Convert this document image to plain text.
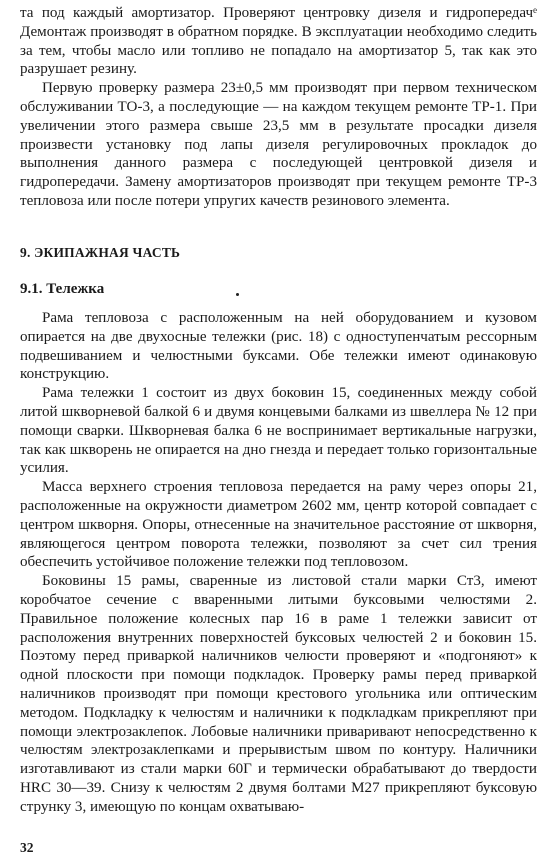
та под каждый амортизатор. Проверяют центровку дизеля и гидропередачᵉ Демонтаж производят в обратном порядке. В эксплуатации необходимо следить за тем, чтобы масло или топливо не попадало на амортизатор 5, так как это разрушает резину.

Первую проверку размера 23±0,5 мм производят при первом техническом обслуживании ТО-3, а последующие — на каждом текущем ремонте ТР-1. При увеличении этого размера свыше 23,5 мм в результате просадки дизеля произвести установку под лапы дизеля регулировочных прокладок до выполнения данного размера с последующей центровкой дизеля и гидропередачи. Замену амортизаторов производят при текущем ремонте ТР-3 тепловоза или после потери упругих качеств резинового элемента.

9. ЭКИПАЖНАЯ ЧАСТЬ
9.1. Тележка

Рама тепловоза с расположенным на ней оборудованием и кузовом опирается на две двухосные тележки (рис. 18) с одноступенчатым рессорным подвешиванием и челюстными буксами. Обе тележки имеют одинаковую конструкцию.

Рама тележки 1 состоит из двух боковин 15, соединенных между собой литой шкворневой балкой 6 и двумя концевыми балками из швеллера № 12 при помощи сварки. Шкворневая балка 6 не воспринимает вертикальные нагрузки, так как шкворень не опирается на дно гнезда и передает только горизонтальные усилия.

Масса верхнего строения тепловоза передается на раму через опоры 21, расположенные на окружности диаметром 2602 мм, центр которой совпадает с центром шкворня. Опоры, отнесенные на значительное расстояние от шкворня, являющегося центром поворота тележки, позволяют за счет сил трения обеспечить устойчивое положение тележки под тепловозом.

Боковины 15 рамы, сваренные из листовой стали марки Ст3, имеют коробчатое сечение с вваренными литыми буксовыми челюстями 2. Правильное положение колесных пар 16 в раме 1 тележки зависит от расположения внутренних поверхностей буксовых челюстей 2 и боковин 15. Поэтому перед приваркой наличников челюсти проверяют и «подгоняют» к одной плоскости при помощи подкладок. Проверку рамы перед приваркой наличников производят при помощи крестового угольника или оптическим методом. Подкладку к челюстям и наличники к подкладкам прикрепляют при помощи электрозаклепок. Лобовые наличники приваривают непосредственно к челюстям электрозаклепками и прерывистым швом по контуру. Наличники изготавливают из стали марки 60Г и термически обрабатывают до твердости HRC 30—39. Снизу к челюстям 2 двумя болтами М27 прикрепляют буксовую струнку 3, имеющую по концам охватываю-

32
